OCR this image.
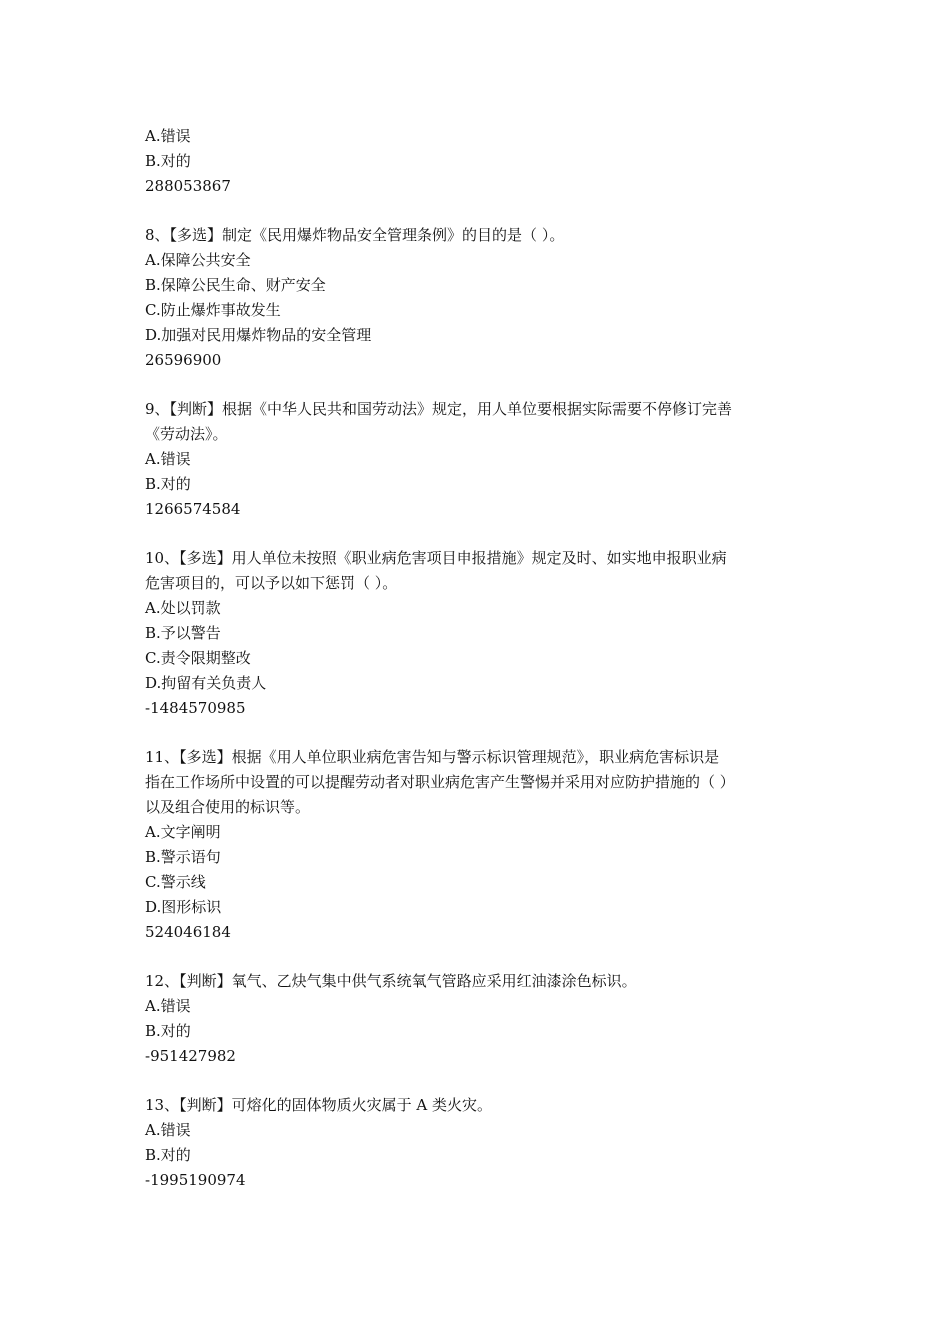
A.错误
B.对的
288053867
8、【多选】制定《民用爆炸物品安全管理条例》的目的是（ ）。
A.保障公共安全
B.保障公民生命、财产安全
C.防止爆炸事故发生
D.加强对民用爆炸物品的安全管理
26596900
9、【判断】根据《中华人民共和国劳动法》规定，用人单位要根据实际需要不停修订完善
《劳动法》。
A.错误
B.对的
1266574584
10、【多选】用人单位未按照《职业病危害项目申报措施》规定及时、如实地申报职业病
危害项目的，可以予以如下惩罚（ ）。
A.处以罚款
B.予以警告
C.责令限期整改
D.拘留有关负责人
-1484570985
11、【多选】根据《用人单位职业病危害告知与警示标识管理规范》，职业病危害标识是
指在工作场所中设置的可以提醒劳动者对职业病危害产生警惕并采用对应防护措施的（ ）
以及组合使用的标识等。
A.文字阐明
B.警示语句
C.警示线
D.图形标识
524046184
12、【判断】氧气、乙炔气集中供气系统氧气管路应采用红油漆涂色标识。
A.错误
B.对的
-951427982
13、【判断】可熔化的固体物质火灾属于 A 类火灾。
A.错误
B.对的
-1995190974
